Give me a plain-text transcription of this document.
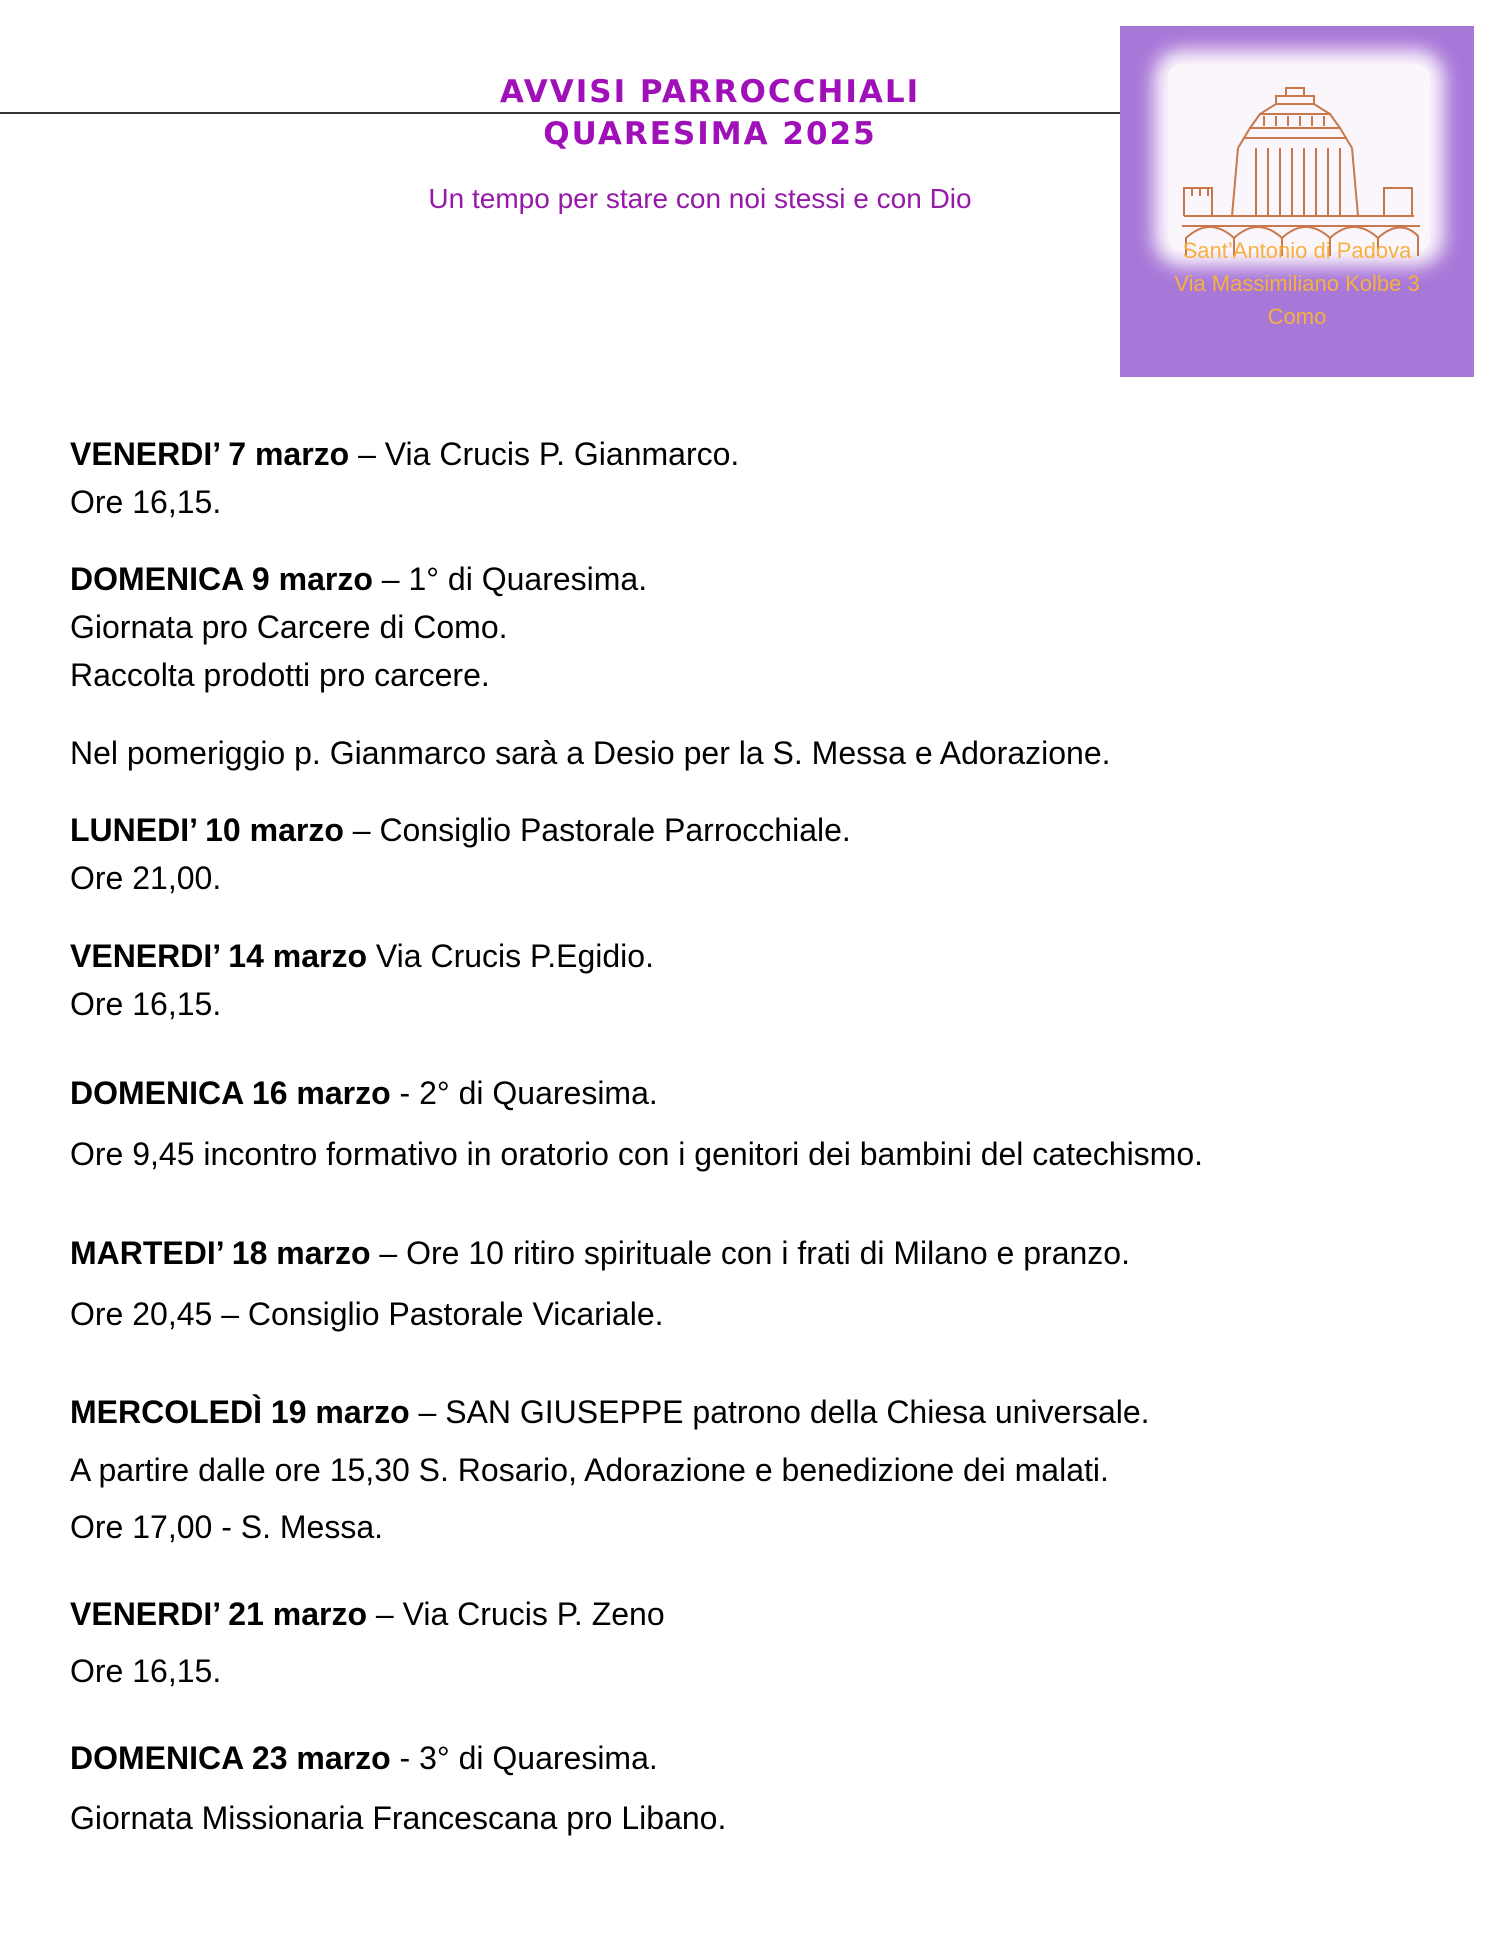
AVVISI PARROCCHIALI
QUARESIMA 2025

Un tempo per stare con noi stessi e con Dio

Sant’Antonio di Padova
Via Massimiliano Kolbe 3
Como

VENERDI’ 7 marzo – Via Crucis P. Gianmarco.

Ore 16,15.

DOMENICA 9 marzo – 1° di Quaresima.

Giornata pro Carcere di Como.

Raccolta prodotti pro carcere.

Nel pomeriggio p. Gianmarco sarà a Desio per la S. Messa e Adorazione.

LUNEDI’ 10 marzo – Consiglio Pastorale Parrocchiale.

Ore 21,00.

VENERDI’ 14 marzo Via Crucis P.Egidio.

Ore 16,15.

DOMENICA 16 marzo - 2° di Quaresima.

Ore 9,45 incontro formativo in oratorio con i genitori dei bambini del catechismo.

MARTEDI’ 18 marzo – Ore 10 ritiro spirituale con i frati di Milano e pranzo.

Ore 20,45 – Consiglio Pastorale Vicariale.

MERCOLEDÌ 19 marzo – SAN GIUSEPPE patrono della Chiesa universale.

A partire dalle ore 15,30 S. Rosario, Adorazione e benedizione dei malati.

Ore 17,00 - S. Messa.

VENERDI’ 21 marzo – Via Crucis P. Zeno

Ore 16,15.

DOMENICA 23 marzo - 3° di Quaresima.

Giornata Missionaria Francescana pro Libano.
